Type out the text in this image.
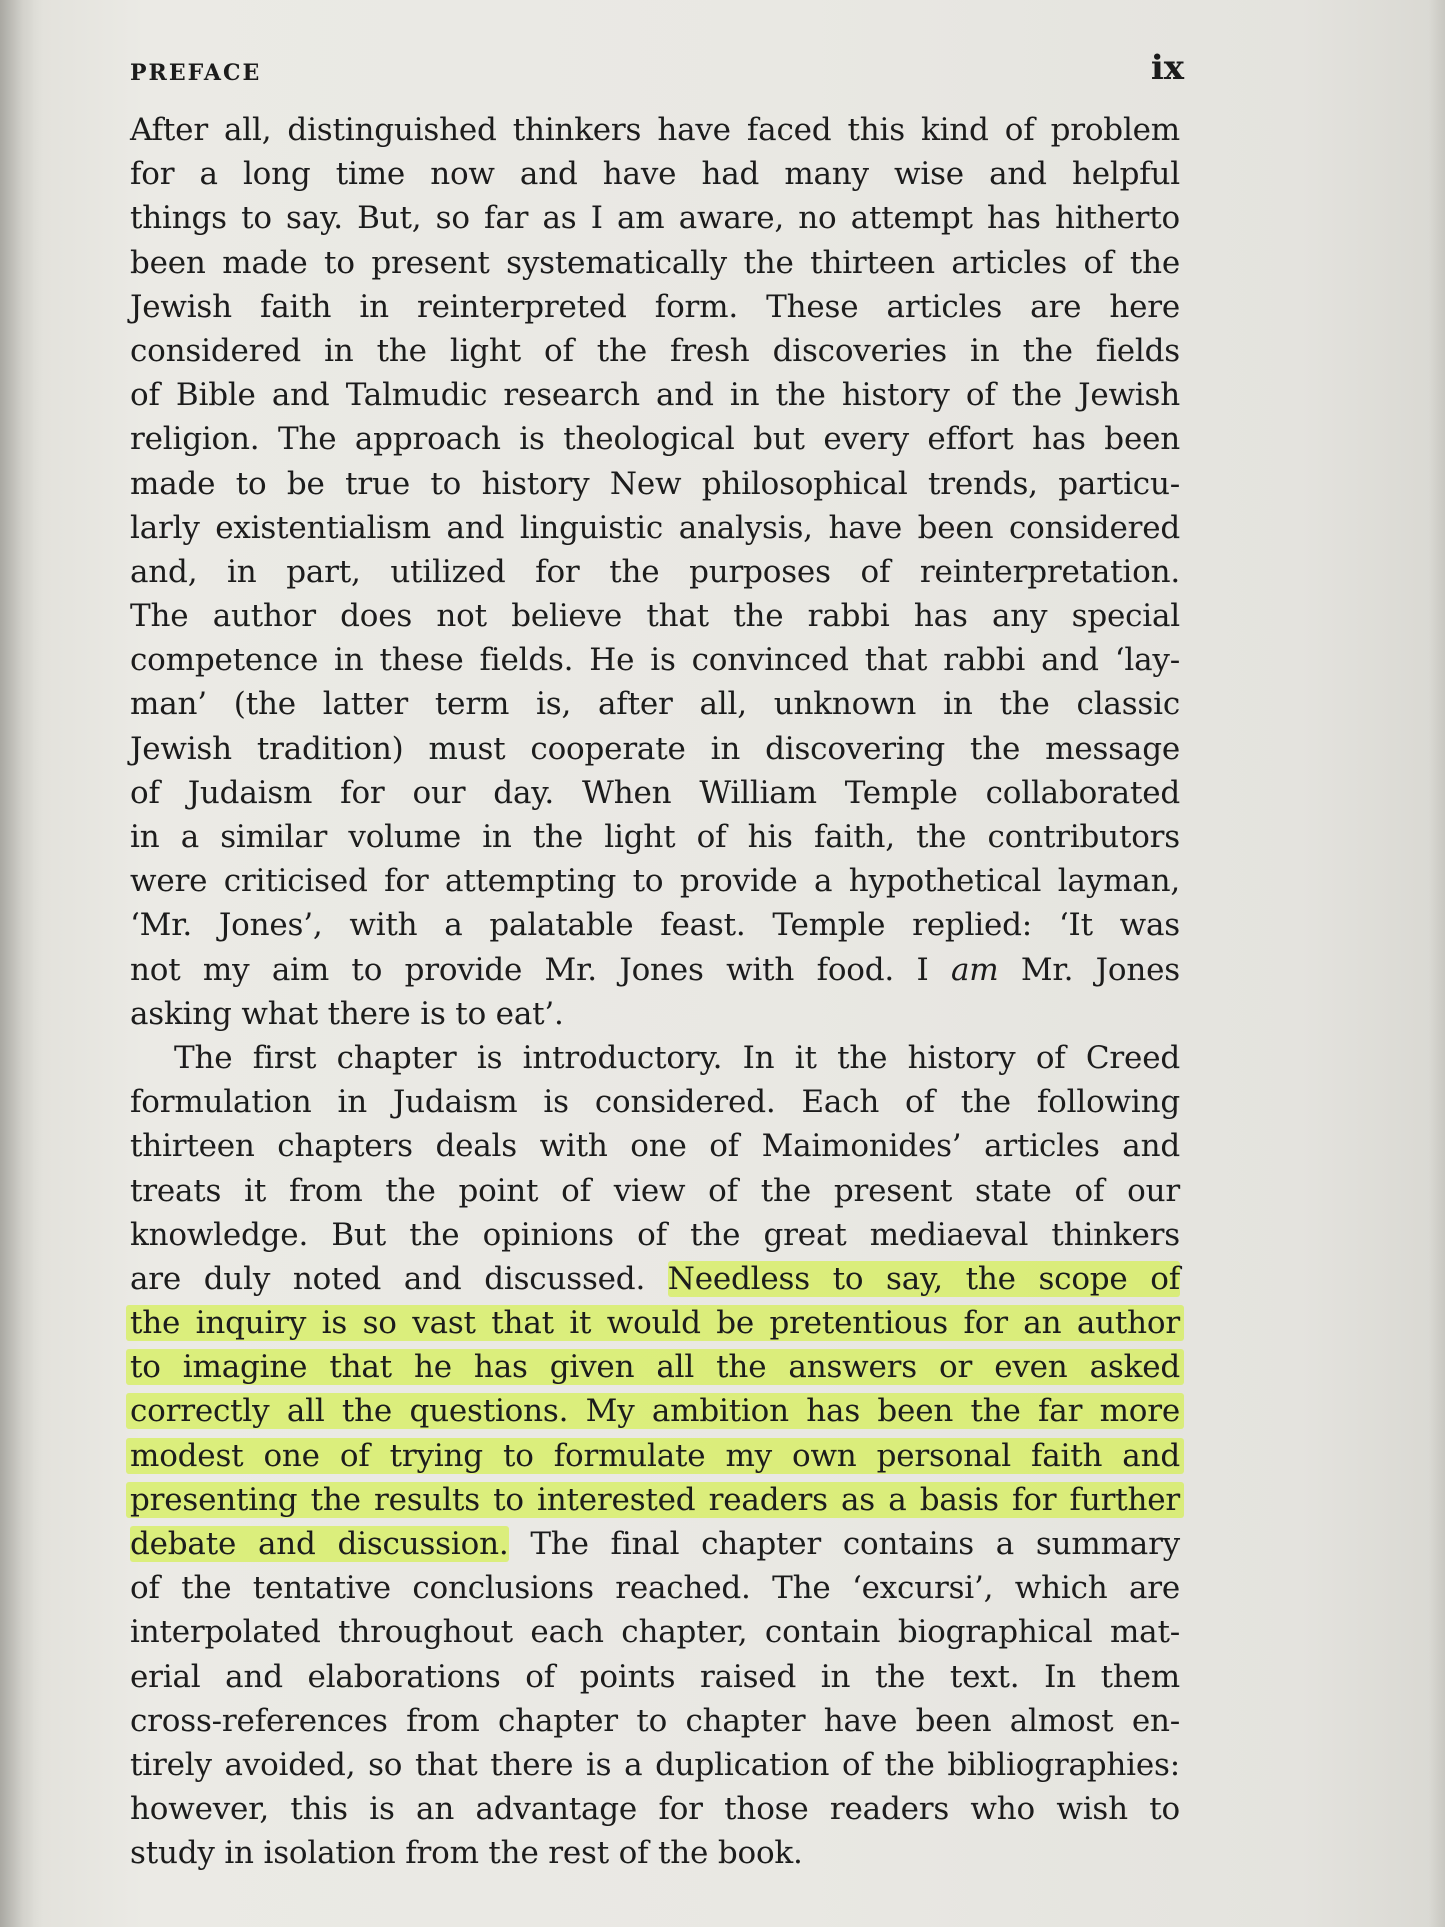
PREFACE	ix
After all, distinguished thinkers have faced this kind of problem
for a long time now and have had many wise and helpful
things to say. But, so far as I am aware, no attempt has hitherto
been made to present systematically the thirteen articles of the
Jewish faith in reinterpreted form. These articles are here
considered in the light of the fresh discoveries in the fields
of Bible and Talmudic research and in the history of the Jewish
religion. The approach is theological but every effort has been
made to be true to history New philosophical trends, particu-
larly existentialism and linguistic analysis, have been considered
and, in part, utilized for the purposes of reinterpretation.
The author does not believe that the rabbi has any special
competence in these fields. He is convinced that rabbi and ‘lay-
man’ (the latter term is, after all, unknown in the classic
Jewish tradition) must cooperate in discovering the message
of Judaism for our day. When William Temple collaborated
in a similar volume in the light of his faith, the contributors
were criticised for attempting to provide a hypothetical layman,
‘Mr. Jones’, with a palatable feast. Temple replied: ‘It was
not my aim to provide Mr. Jones with food. I am Mr. Jones
asking what there is to eat’.
The first chapter is introductory. In it the history of Creed
formulation in Judaism is considered. Each of the following
thirteen chapters deals with one of Maimonides’ articles and
treats it from the point of view of the present state of our
knowledge. But the opinions of the great mediaeval thinkers
are duly noted and discussed. Needless to say, the scope of
the inquiry is so vast that it would be pretentious for an author
to imagine that he has given all the answers or even asked
correctly all the questions. My ambition has been the far more
modest one of trying to formulate my own personal faith and
presenting the results to interested readers as a basis for further
debate and discussion. The final chapter contains a summary
of the tentative conclusions reached. The ‘excursi’, which are
interpolated throughout each chapter, contain biographical mat-
erial and elaborations of points raised in the text. In them
cross-references from chapter to chapter have been almost en-
tirely avoided, so that there is a duplication of the bibliographies:
however, this is an advantage for those readers who wish to
study in isolation from the rest of the book.
